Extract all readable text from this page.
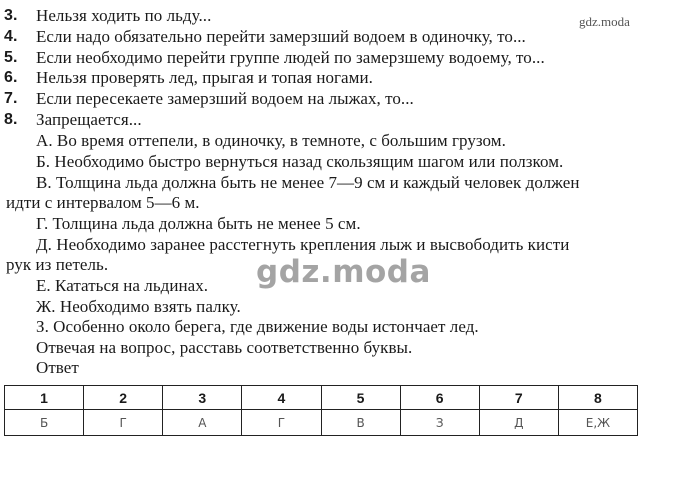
gdz.moda
3. Нельзя ходить по льду...
4. Если надо обязательно перейти замерзший водоем в одиночку, то...
5. Если необходимо перейти группе людей по замерзшему водоему, то...
6. Нельзя проверять лед, прыгая и топая ногами.
7. Если пересекаете замерзший водоем на лыжах, то...
8. Запрещается...
А. Во время оттепели, в одиночку, в темноте, с большим грузом.
Б. Необходимо быстро вернуться назад скользящим шагом или ползком.
В. Толщина льда должна быть не менее 7—9 см и каждый человек должен
идти с интервалом 5—6 м.
Г. Толщина льда должна быть не менее 5 см.
Д. Необходимо заранее расстегнуть крепления лыж и высвободить кисти
рук из петель.
Е. Кататься на льдинах.
Ж. Необходимо взять палку.
З. Особенно около берега, где движение воды истончает лед.
Отвечая на вопрос, расставь соответственно буквы.
Ответ
gdz.moda
1	2	3	4	5	6	7	8
Б	Г	А	Г	В	З	Д	Е,Ж
